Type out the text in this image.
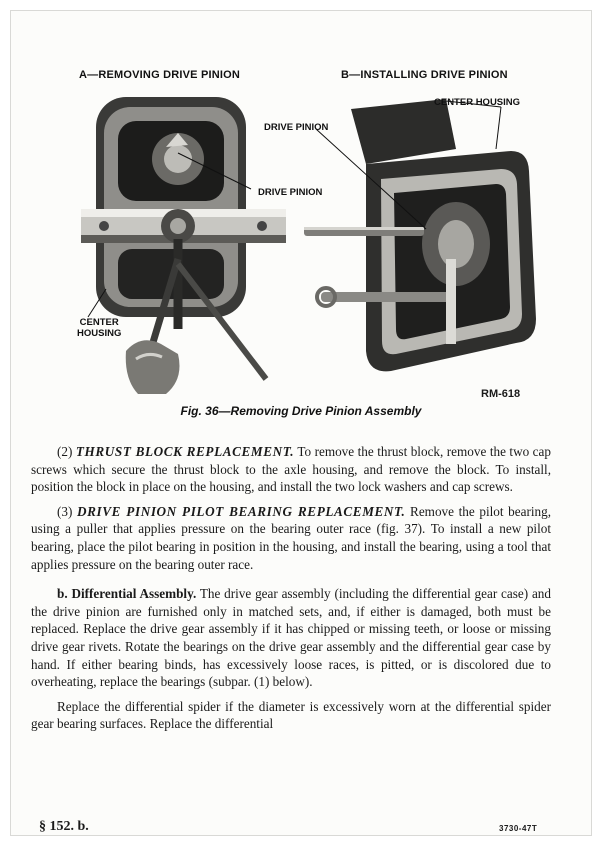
A—REMOVING DRIVE PINION	B—INSTALLING DRIVE PINION
DRIVE PINION
DRIVE PINION
CENTER HOUSING
CENTER
HOUSING
RM-618
Fig. 36—Removing Drive Pinion Assembly

(2) THRUST BLOCK REPLACEMENT. To remove the thrust block, remove the two cap screws which secure the thrust block to the axle housing, and remove the block. To install, position the block in place on the housing, and install the two lock washers and cap screws.

(3) DRIVE PINION PILOT BEARING REPLACEMENT. Remove the pilot bearing, using a puller that applies pressure on the bearing outer race (fig. 37). To install a new pilot bearing, place the pilot bearing in position in the housing, and install the bearing, using a tool that applies pressure on the bearing outer race.

b. Differential Assembly. The drive gear assembly (including the differential gear case) and the drive pinion are furnished only in matched sets, and, if either is damaged, both must be replaced. Replace the drive gear assembly if it has chipped or missing teeth, or loose or missing drive gear rivets. Rotate the bearings on the drive gear assembly and the differential gear case by hand. If either bearing binds, has excessively loose races, is pitted, or is discolored due to overheating, replace the bearings (subpar. (1) below).

Replace the differential spider if the diameter is excessively worn at the differential spider gear bearing surfaces. Replace the differential

§ 152. b.	3730-47T
